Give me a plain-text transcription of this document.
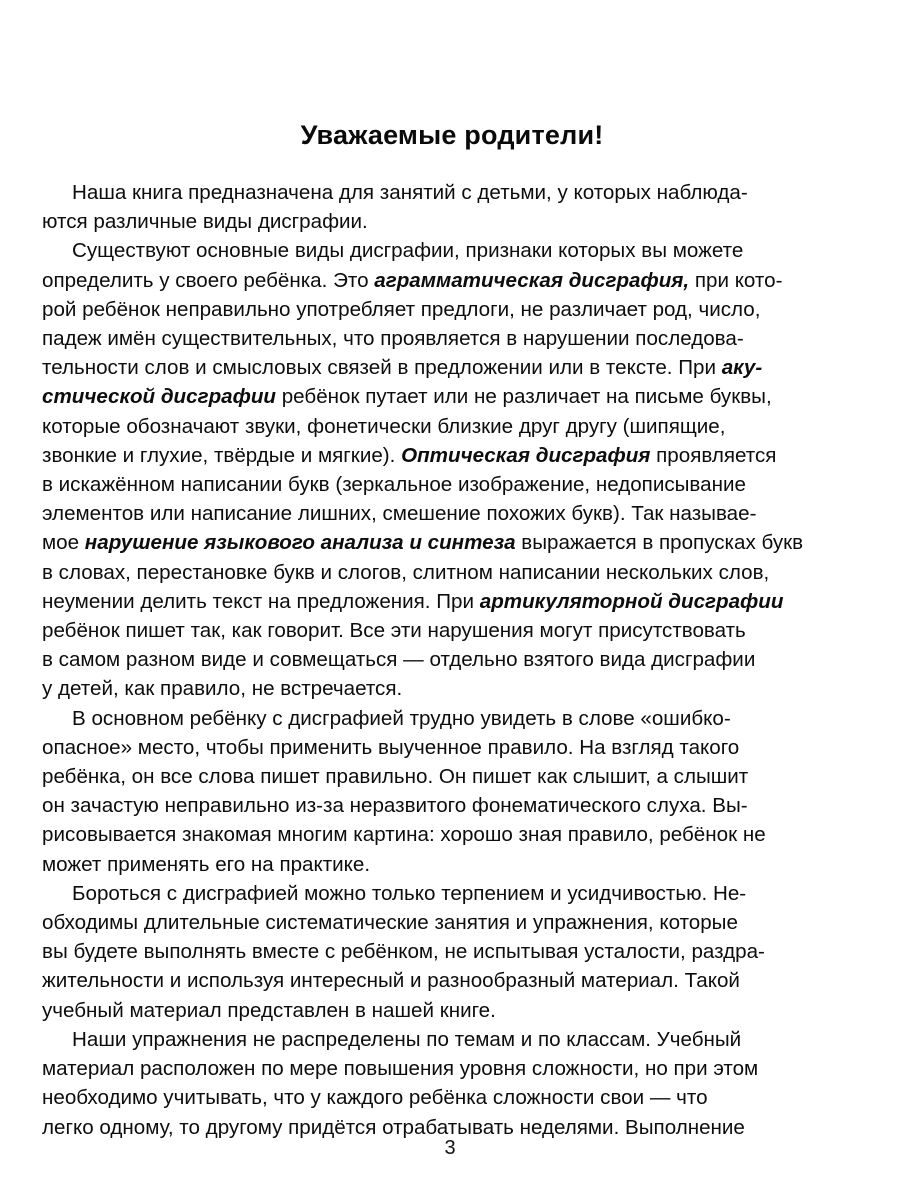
Уважаемые родители!
Наша книга предназначена для занятий с детьми, у которых наблюда-
ются различные виды дисграфии.
Существуют основные виды дисграфии, признаки которых вы можете
определить у своего ребёнка. Это аграмматическая дисграфия, при кото-
рой ребёнок неправильно употребляет предлоги, не различает род, число,
падеж имён существительных, что проявляется в нарушении последова-
тельности слов и смысловых связей в предложении или в тексте. При аку-
стической дисграфии ребёнок путает или не различает на письме буквы,
которые обозначают звуки, фонетически близкие друг другу (шипящие,
звонкие и глухие, твёрдые и мягкие). Оптическая дисграфия проявляется
в искажённом написании букв (зеркальное изображение, недописывание
элементов или написание лишних, смешение похожих букв). Так называе-
мое нарушение языкового анализа и синтеза выражается в пропусках букв
в словах, перестановке букв и слогов, слитном написании нескольких слов,
неумении делить текст на предложения. При артикуляторной дисграфии
ребёнок пишет так, как говорит. Все эти нарушения могут присутствовать
в самом разном виде и совмещаться — отдельно взятого вида дисграфии
у детей, как правило, не встречается.
В основном ребёнку с дисграфией трудно увидеть в слове «ошибко-
опасное» место, чтобы применить выученное правило. На взгляд такого
ребёнка, он все слова пишет правильно. Он пишет как слышит, а слышит
он зачастую неправильно из-за неразвитого фонематического слуха. Вы-
рисовывается знакомая многим картина: хорошо зная правило, ребёнок не
может применять его на практике.
Бороться с дисграфией можно только терпением и усидчивостью. Не-
обходимы длительные систематические занятия и упражнения, которые
вы будете выполнять вместе с ребёнком, не испытывая усталости, раздра-
жительности и используя интересный и разнообразный материал. Такой
учебный материал представлен в нашей книге.
Наши упражнения не распределены по темам и по классам. Учебный
материал расположен по мере повышения уровня сложности, но при этом
необходимо учитывать, что у каждого ребёнка сложности свои — что
легко одному, то другому придётся отрабатывать неделями. Выполнение
3
